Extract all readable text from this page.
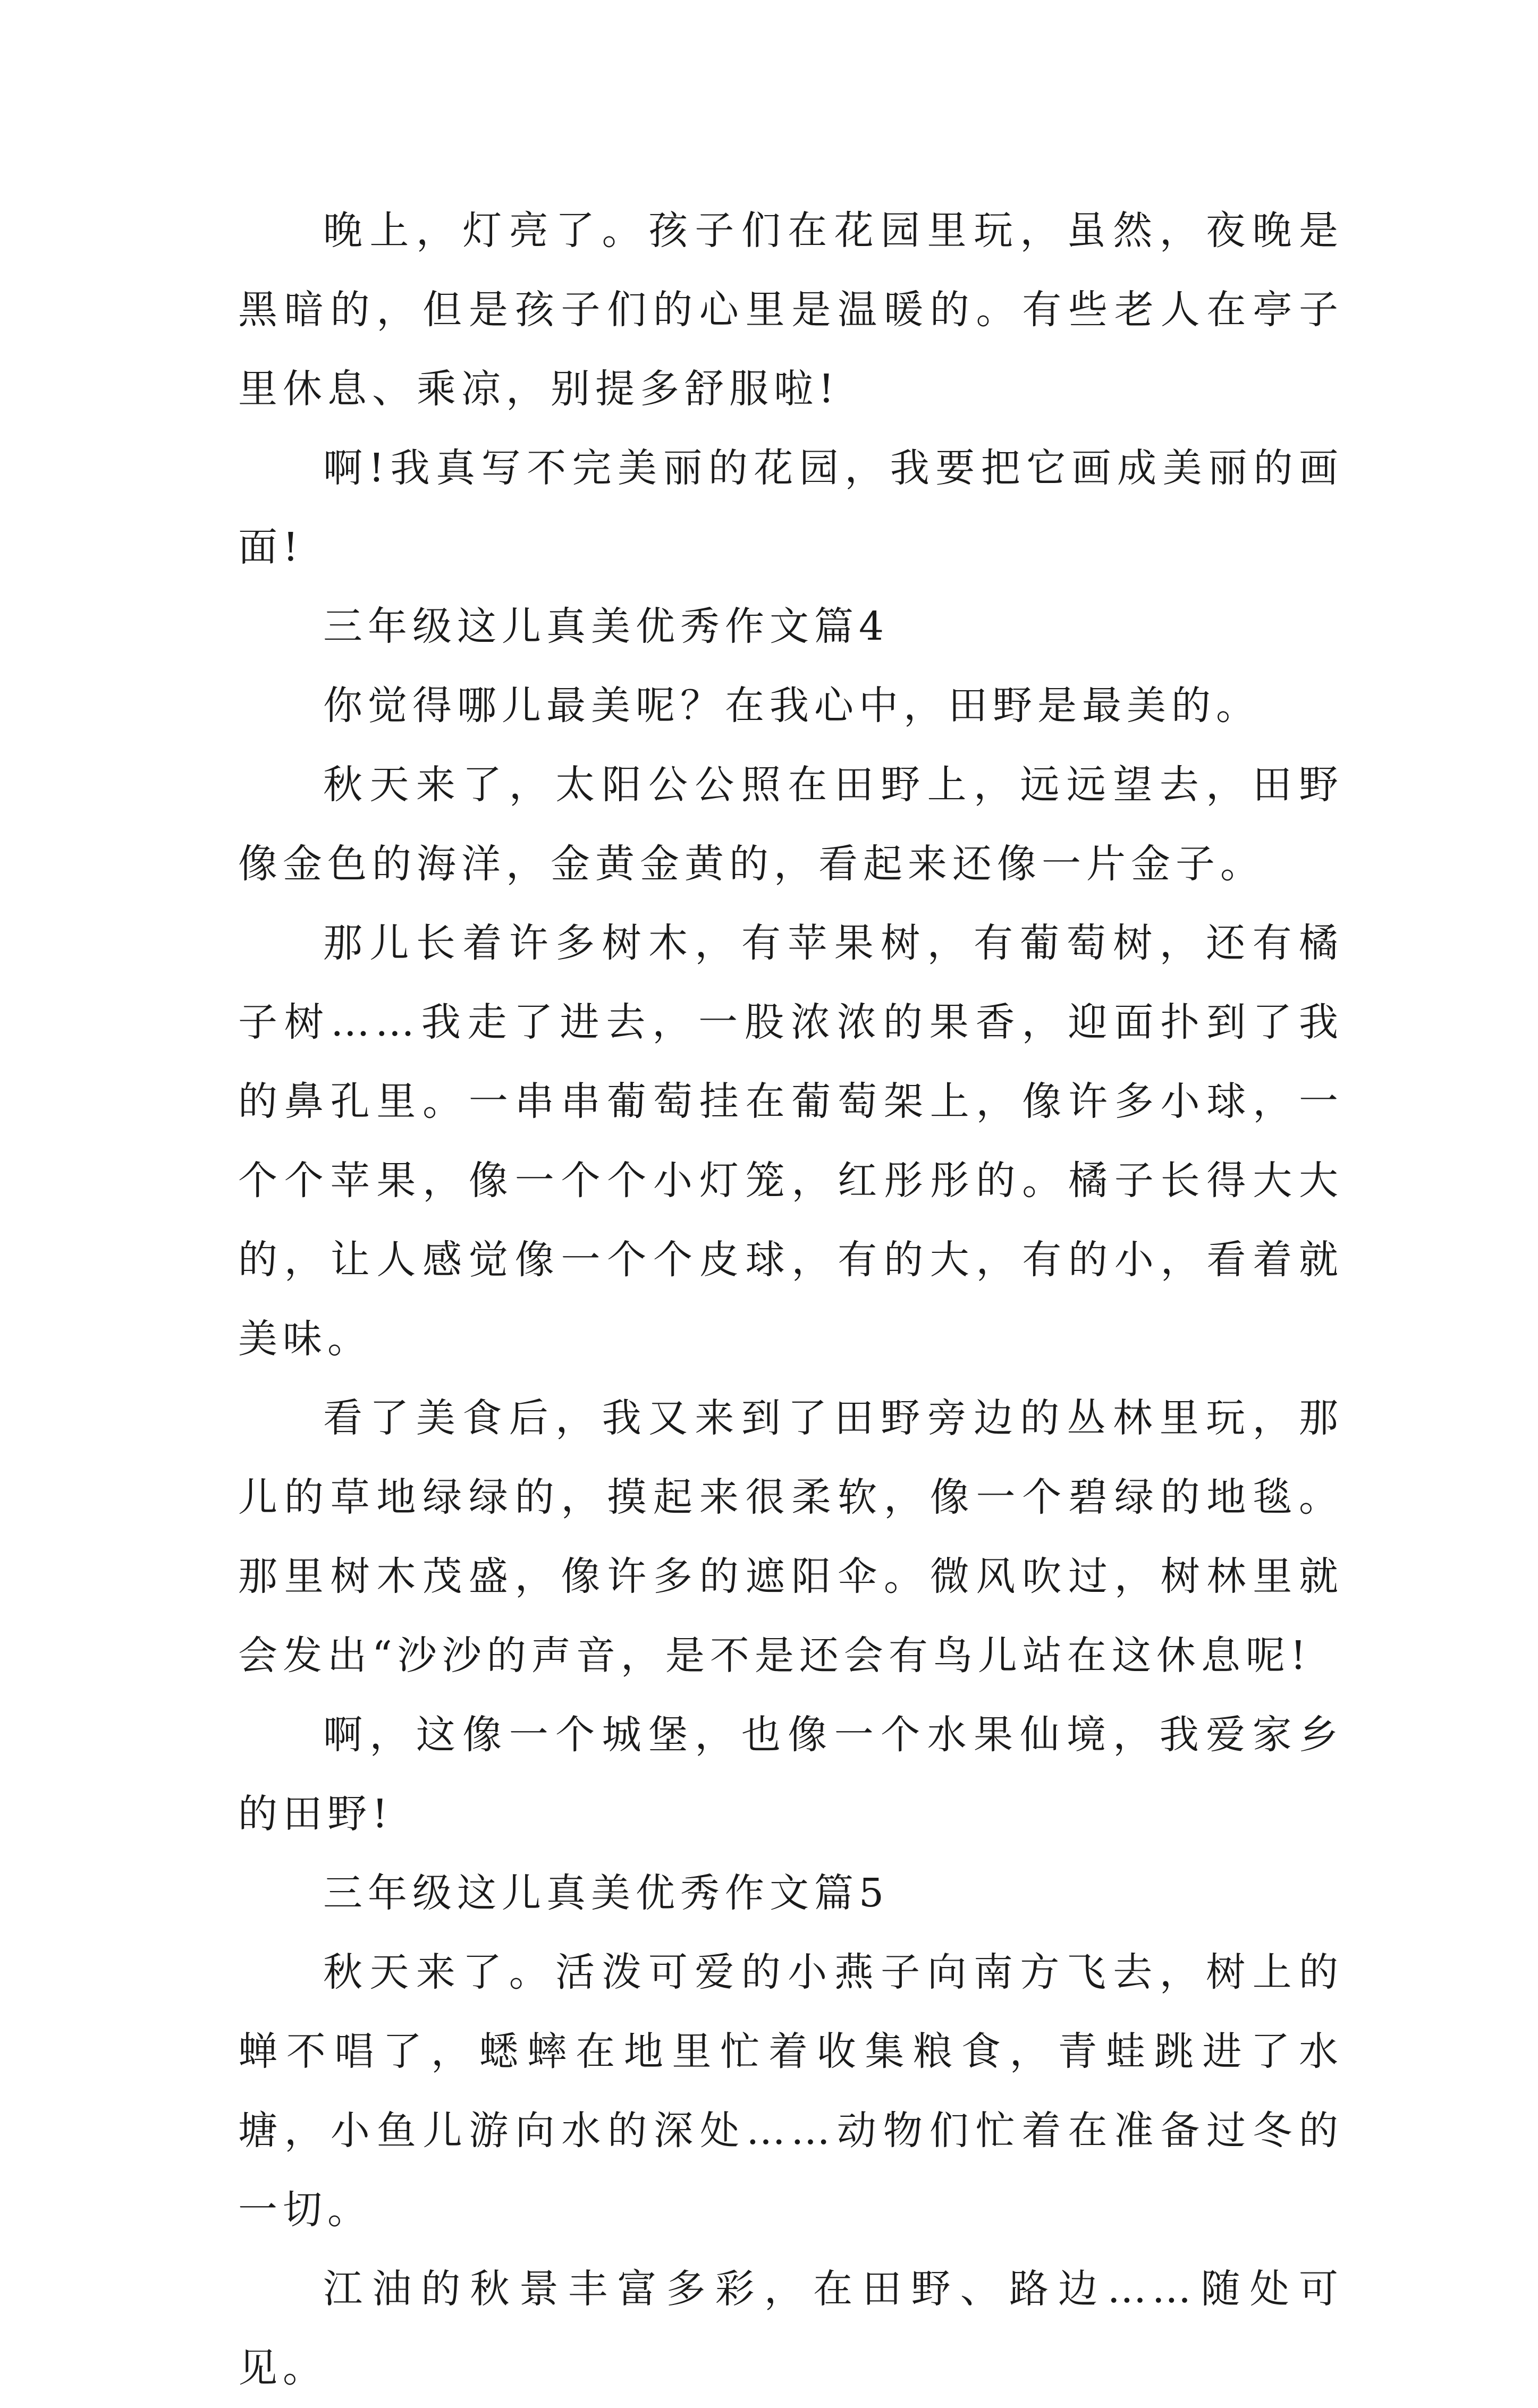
晚上，灯亮了。孩子们在花园里玩，虽然，夜晚是黑暗的，但是孩子们的心里是温暖的。有些老人在亭子里休息、乘凉，别提多舒服啦!

啊!我真写不完美丽的花园，我要把它画成美丽的画面!

三年级这儿真美优秀作文篇4

你觉得哪儿最美呢？在我心中，田野是最美的。

秋天来了，太阳公公照在田野上，远远望去，田野像金色的海洋，金黄金黄的，看起来还像一片金子。

那儿长着许多树木，有苹果树，有葡萄树，还有橘子树……我走了进去，一股浓浓的果香，迎面扑到了我的鼻孔里。一串串葡萄挂在葡萄架上，像许多小球，一个个苹果，像一个个小灯笼，红彤彤的。橘子长得大大的，让人感觉像一个个皮球，有的大，有的小，看着就美味。

看了美食后，我又来到了田野旁边的丛林里玩，那儿的草地绿绿的，摸起来很柔软，像一个碧绿的地毯。那里树木茂盛，像许多的遮阳伞。微风吹过，树林里就会发出“沙沙的声音，是不是还会有鸟儿站在这休息呢!

啊，这像一个城堡，也像一个水果仙境，我爱家乡的田野!

三年级这儿真美优秀作文篇5

秋天来了。活泼可爱的小燕子向南方飞去，树上的蝉不唱了，蟋蟀在地里忙着收集粮食，青蛙跳进了水塘，小鱼儿游向水的深处……动物们忙着在准备过冬的一切。

江油的秋景丰富多彩，在田野、路边……随处可见。
